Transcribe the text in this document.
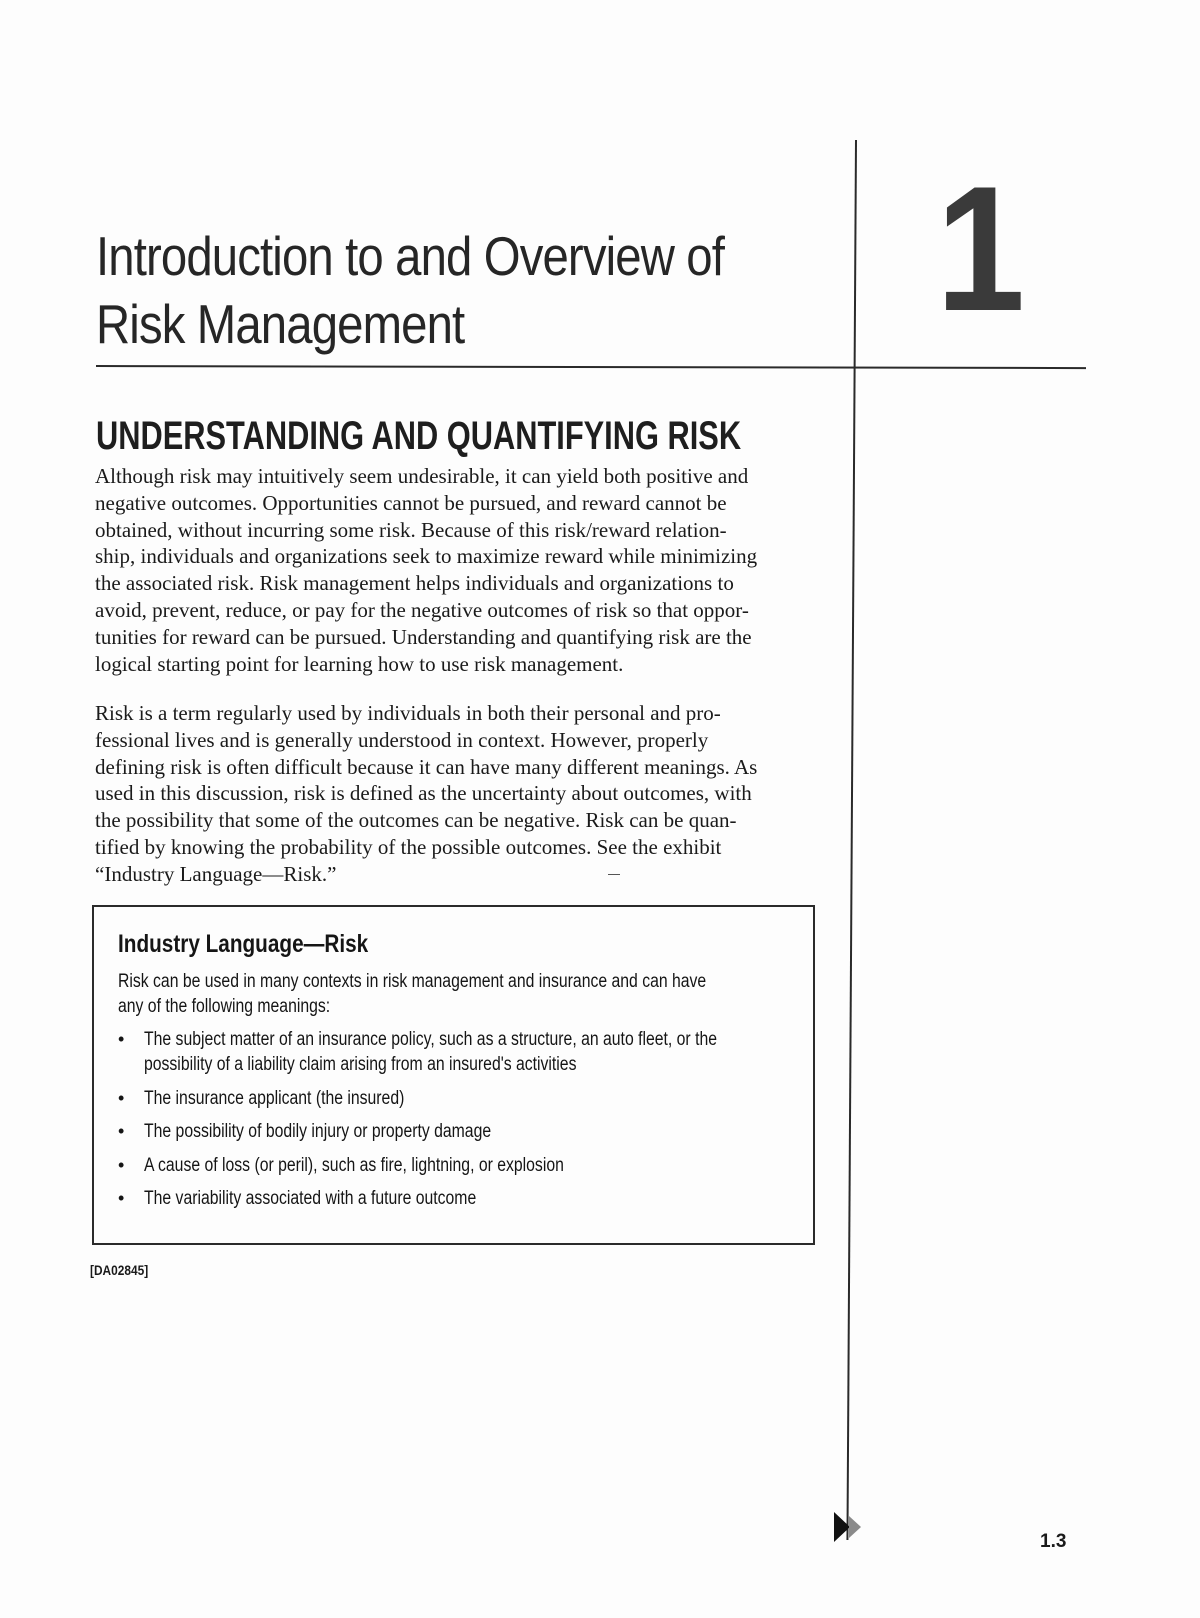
Introduction to and Overview of
Risk Management	1
UNDERSTANDING AND QUANTIFYING RISK

Although risk may intuitively seem undesirable, it can yield both positive and
negative outcomes. Opportunities cannot be pursued, and reward cannot be
obtained, without incurring some risk. Because of this risk/reward relation-
ship, individuals and organizations seek to maximize reward while minimizing
the associated risk. Risk management helps individuals and organizations to
avoid, prevent, reduce, or pay for the negative outcomes of risk so that oppor-
tunities for reward can be pursued. Understanding and quantifying risk are the
logical starting point for learning how to use risk management.

Risk is a term regularly used by individuals in both their personal and pro-
fessional lives and is generally understood in context. However, properly
defining risk is often difficult because it can have many different meanings. As
used in this discussion, risk is defined as the uncertainty about outcomes, with
the possibility that some of the outcomes can be negative. Risk can be quan-
tified by knowing the probability of the possible outcomes. See the exhibit
“Industry Language—Risk.”

Industry Language—Risk

Risk can be used in many contexts in risk management and insurance and can have
any of the following meanings:

• The subject matter of an insurance policy, such as a structure, an auto fleet, or the
possibility of a liability claim arising from an insured's activities
• The insurance applicant (the insured)
• The possibility of bodily injury or property damage
• A cause of loss (or peril), such as fire, lightning, or explosion
• The variability associated with a future outcome
[DA02845]
1.3
